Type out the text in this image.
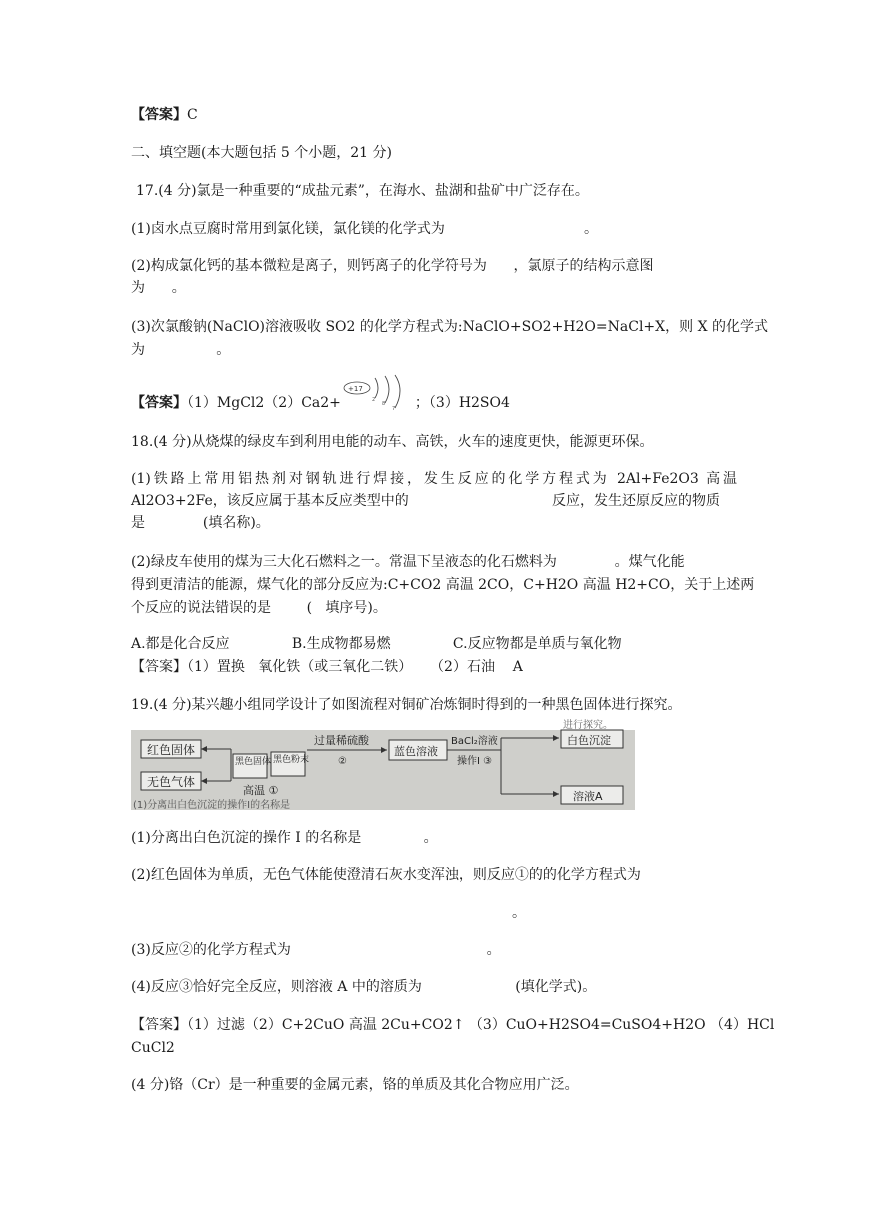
【答案】C
二、填空题(本大题包括 5 个小题，21 分)
17.(4 分)氯是一种重要的“成盐元素”，在海水、盐湖和盐矿中广泛存在。
(1)卤水点豆腐时常用到氯化镁，氯化镁的化学式为	。
(2)构成氯化钙的基本微粒是离子，则钙离子的化学符号为      ，氯原子的结构示意图
为      。
(3)次氯酸钠(NaClO)溶液吸收 SO2 的化学方程式为:NaClO+SO2+H2O=NaCl+X，则 X 的化学式
为                。
【答案】（1）MgCl2（2）Ca2+	；（3）H2SO4
+17
2
8
7
18.(4 分)从烧煤的绿皮车到利用电能的动车、高铁，火车的速度更快，能源更环保。
(1)铁路上常用铝热剂对钢轨进行焊接，发生反应的化学方程式为 2Al+Fe2O3 高温
Al2O3+2Fe，该反应属于基本反应类型中的	反应，发生还原反应的物质
是             (填名称)。
(2)绿皮车使用的煤为三大化石燃料之一。常温下呈液态的化石燃料为             。煤气化能
得到更清洁的能源，煤气化的部分反应为:C+CO2 高温 2CO，C+H2O 高温 H2+CO，关于上述两
个反应的说法错误的是        (   填序号)。
A.都是化合反应              B.生成物都易燃              C.反应物都是单质与氧化物
【答案】（1）置换   氧化铁（或三氧化二铁）    （2）石油    A
19.(4 分)某兴趣小组同学设计了如图流程对铜矿冶炼铜时得到的一种黑色固体进行探究。
红色固体
无色气体
黑色固体 黑色粉末
高温 ①
过量稀硫酸
②
蓝色溶液
BaCl₂溶液
操作Ⅰ ③
白色沉淀
溶液A
进行探究。
(1)分离出白色沉淀的操作Ⅰ的名称是
(1)分离出白色沉淀的操作 I 的名称是              。
(2)红色固体为单质，无色气体能使澄清石灰水变浑浊，则反应①的的化学方程式为
。
(3)反应②的化学方程式为                                            。
(4)反应③恰好完全反应，则溶液 A 中的溶质为                     (填化学式)。
【答案】（1）过滤（2）C+2CuO 高温 2Cu+CO2↑ （3）CuO+H2SO4=CuSO4+H2O （4）HCl
CuCl2
(4 分)铬（Cr）是一种重要的金属元素，铬的单质及其化合物应用广泛。
